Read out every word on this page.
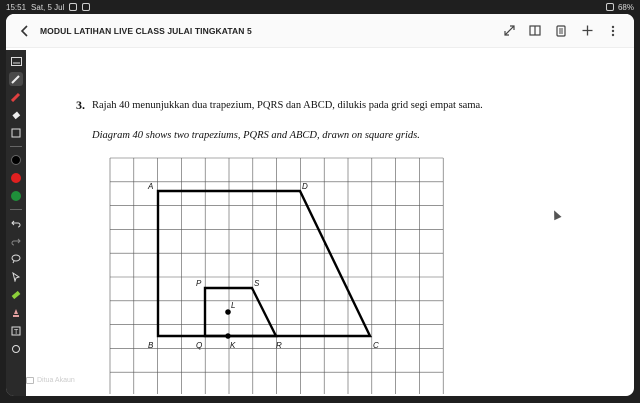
15:51 Sat, 5 Jul	68%
MODUL LATIHAN LIVE CLASS JULAI TINGKATAN 5
T
3. Rajah 40 menunjukkan dua trapezium, PQRS dan ABCD, dilukis pada grid segi empat sama.
Diagram 40 shows two trapeziums, PQRS and ABCD, drawn on square grids.
A	D
B	C
P	S
Q	R
L
K
Ditua Akaun
